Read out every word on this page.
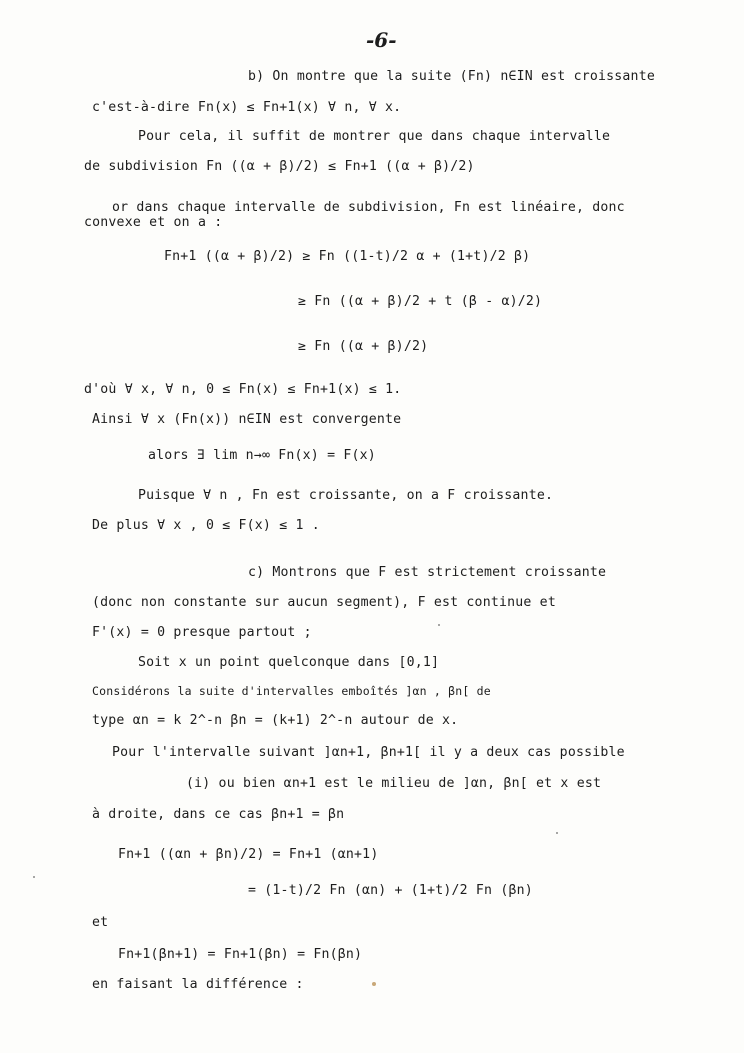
-6-
b) On montre que la suite (Fn) n∈IN est croissante
c'est-à-dire Fn(x) ≤ Fn+1(x) ∀ n, ∀ x.
Pour cela, il suffit de montrer que dans chaque intervalle
de subdivision Fn ((α + β)/2) ≤ Fn+1 ((α + β)/2)
or dans chaque intervalle de subdivision, Fn est linéaire, donc
convexe et on a :
Fn+1 ((α + β)/2) ≥ Fn ((1-t)/2 α + (1+t)/2 β)
≥ Fn ((α + β)/2 + t (β - α)/2)
≥ Fn ((α + β)/2)
d'où ∀ x, ∀ n, 0 ≤ Fn(x) ≤ Fn+1(x) ≤ 1.
Ainsi ∀ x (Fn(x)) n∈IN est convergente
alors ∃ lim n→∞ Fn(x) = F(x)
Puisque ∀ n , Fn est croissante, on a F croissante.
De plus ∀ x , 0 ≤ F(x) ≤ 1 .
c) Montrons que F est strictement croissante
(donc non constante sur aucun segment), F est continue et
F'(x) = 0 presque partout ;
Soit x un point quelconque dans [0,1]
Considérons la suite d'intervalles emboîtés ]αn , βn[ de
type αn = k 2^-n βn = (k+1) 2^-n autour de x.
Pour l'intervalle suivant ]αn+1, βn+1[ il y a deux cas possible
(i) ou bien αn+1 est le milieu de ]αn, βn[ et x est
à droite, dans ce cas βn+1 = βn
Fn+1 ((αn + βn)/2) = Fn+1 (αn+1)
= (1-t)/2 Fn (αn) + (1+t)/2 Fn (βn)
et
Fn+1(βn+1) = Fn+1(βn) = Fn(βn)
en faisant la différence :
